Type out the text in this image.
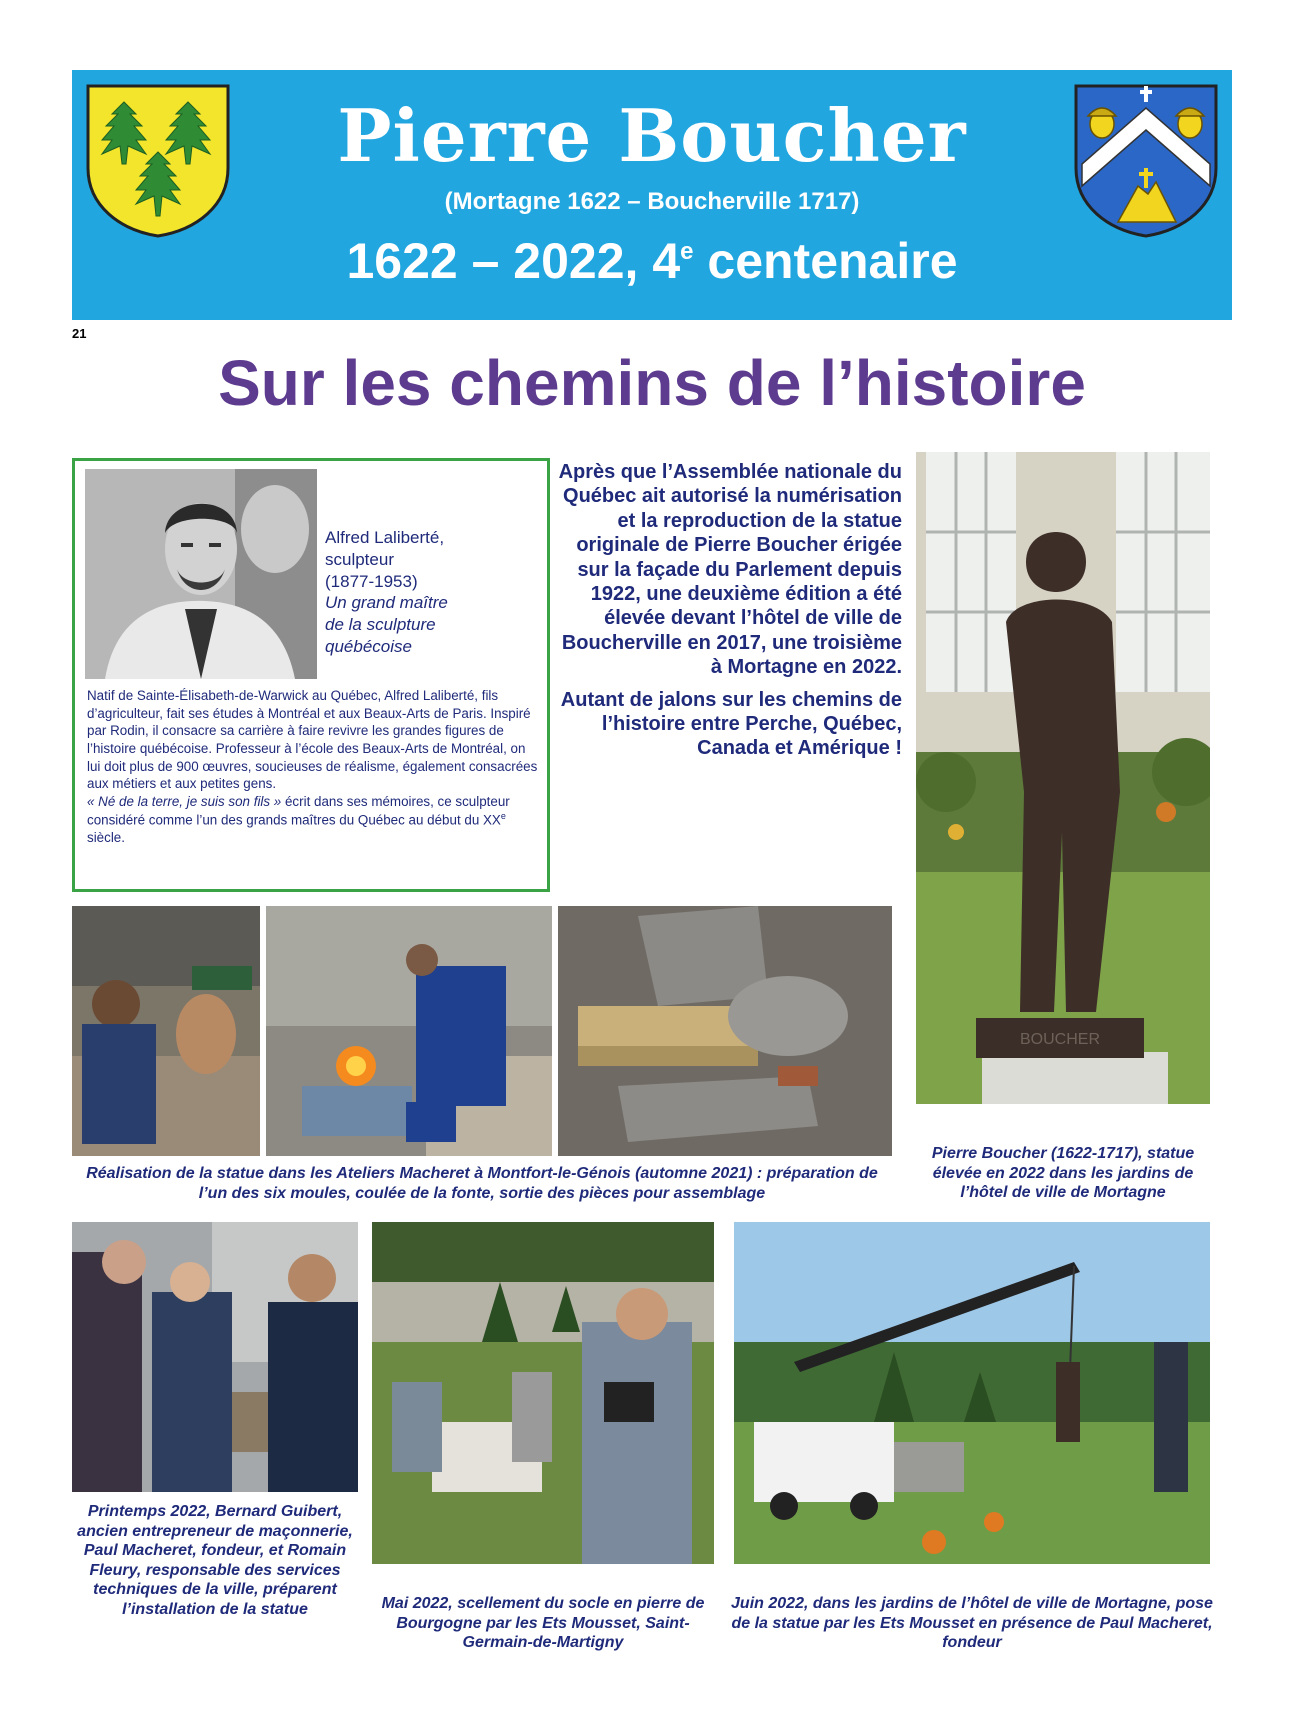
Pierre Boucher
(Mortagne 1622 – Boucherville 1717)
1622 – 2022, 4e centenaire
21
Sur les chemins de l’histoire
Alfred Laliberté,
sculpteur
(1877-1953)
Un grand maître
de la sculpture
québécoise

Natif de Sainte-Élisabeth-de-Warwick au Québec, Alfred Laliberté, fils d’agriculteur, fait ses études à Montréal et aux Beaux-Arts de Paris. Inspiré par Rodin, il consacre sa carrière à faire revivre les grandes figures de l’histoire québécoise. Professeur à l’école des Beaux-Arts de Montréal, on lui doit plus de 900 œuvres, soucieuses de réalisme, également consacrées aux métiers et aux petites gens.

« Né de la terre, je suis son fils » écrit dans ses mémoires, ce sculpteur considéré comme l’un des grands maîtres du Québec au début du XXe siècle.

Après que l’Assemblée nationale du Québec ait autorisé la numérisation et la reproduction de la statue originale de Pierre Boucher érigée sur la façade du Parlement depuis 1922, une deuxième édition a été élevée devant l’hôtel de ville de Boucherville en 2017, une troisième à Mortagne en 2022.

Autant de jalons sur les chemins de l’histoire entre Perche, Québec, Canada et Amérique !

BOUCHER
Pierre Boucher (1622-1717), statue élevée en 2022 dans les jardins de l’hôtel de ville de Mortagne
Réalisation de la statue dans les Ateliers Macheret à Montfort-le-Génois (automne 2021) : préparation de l’un des six moules, coulée de la fonte, sortie des pièces pour assemblage
Printemps 2022, Bernard Guibert, ancien entrepreneur de maçonnerie, Paul Macheret, fondeur, et Romain Fleury, responsable des services techniques de la ville, préparent l’installation de la statue	Mai 2022, scellement du socle en pierre de Bourgogne par les Ets Mousset, Saint-Germain-de-Martigny
Juin 2022, dans les jardins de l’hôtel de ville de Mortagne, pose de la statue par les Ets Mousset en présence de Paul Macheret, fondeur
